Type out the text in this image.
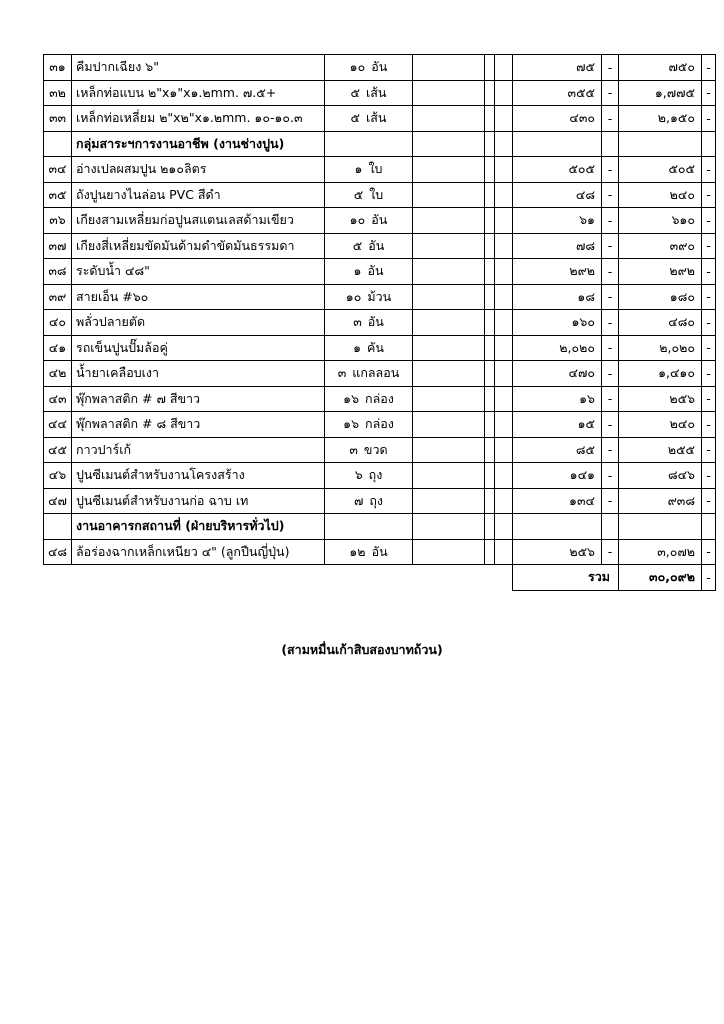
๓๑	คีมปากเฉียง ๖"	๑๐ อัน				๗๕	-	๗๕๐	-
๓๒	เหล็กท่อแบน ๒"x๑"x๑.๒mm. ๗.๕+	๕ เส้น				๓๕๕	-	๑,๗๗๕	-
๓๓	เหล็กท่อเหลี่ยม ๒"x๒"x๑.๒mm. ๑๐-๑๐.๓	๕ เส้น				๔๓๐	-	๒,๑๕๐	-
	กลุ่มสาระฯการงานอาชีพ (งานช่างปูน)								
๓๔	อ่างเปลผสมปูน ๒๑๐ลิตร	๑ ใบ				๕๐๕	-	๕๐๕	-
๓๕	ถังปูนยางไนล่อน PVC สีดำ	๕ ใบ				๔๘	-	๒๔๐	-
๓๖	เกียงสามเหลี่ยมก่อปูนสแตนเลสด้ามเขียว	๑๐ อัน				๖๑	-	๖๑๐	-
๓๗	เกียงสี่เหลี่ยมขัดมันด้ามดำขัดมันธรรมดา	๕ อัน				๗๘	-	๓๙๐	-
๓๘	ระดับน้ำ ๔๘"	๑ อัน				๒๙๒	-	๒๙๒	-
๓๙	สายเอ็น #๖๐	๑๐ ม้วน				๑๘	-	๑๘๐	-
๔๐	พลั่วปลายตัด	๓ อัน				๑๖๐	-	๔๘๐	-
๔๑	รถเข็นปูนปั๊มล้อคู่	๑ คัน				๒,๐๒๐	-	๒,๐๒๐	-
๔๒	น้ำยาเคลือบเงา	๓ แกลลอน				๔๗๐	-	๑,๔๑๐	-
๔๓	พุ๊กพลาสติก # ๗ สีขาว	๑๖ กล่อง				๑๖	-	๒๕๖	-
๔๔	พุ๊กพลาสติก # ๘ สีขาว	๑๖ กล่อง				๑๕	-	๒๔๐	-
๔๕	กาวปาร์เก้	๓ ขวด				๘๕	-	๒๕๕	-
๔๖	ปูนซีเมนต์สำหรับงานโครงสร้าง	๖ ถุง				๑๔๑	-	๘๔๖	-
๔๗	ปูนซีเมนต์สำหรับงานก่อ ฉาบ เท	๗ ถุง				๑๓๔	-	๙๓๘	-
	งานอาคารกสถานที่ (ฝ่ายบริหารทั่วไป)								
๔๘	ล้อร่องฉากเหล็กเหนียว ๔" (ลูกปืนญี่ปุ่น)	๑๒ อัน				๒๕๖	-	๓,๐๗๒	-
						รวม		๓๐,๐๙๒	-
(สามหมื่นเก้าสิบสองบาทถ้วน)
